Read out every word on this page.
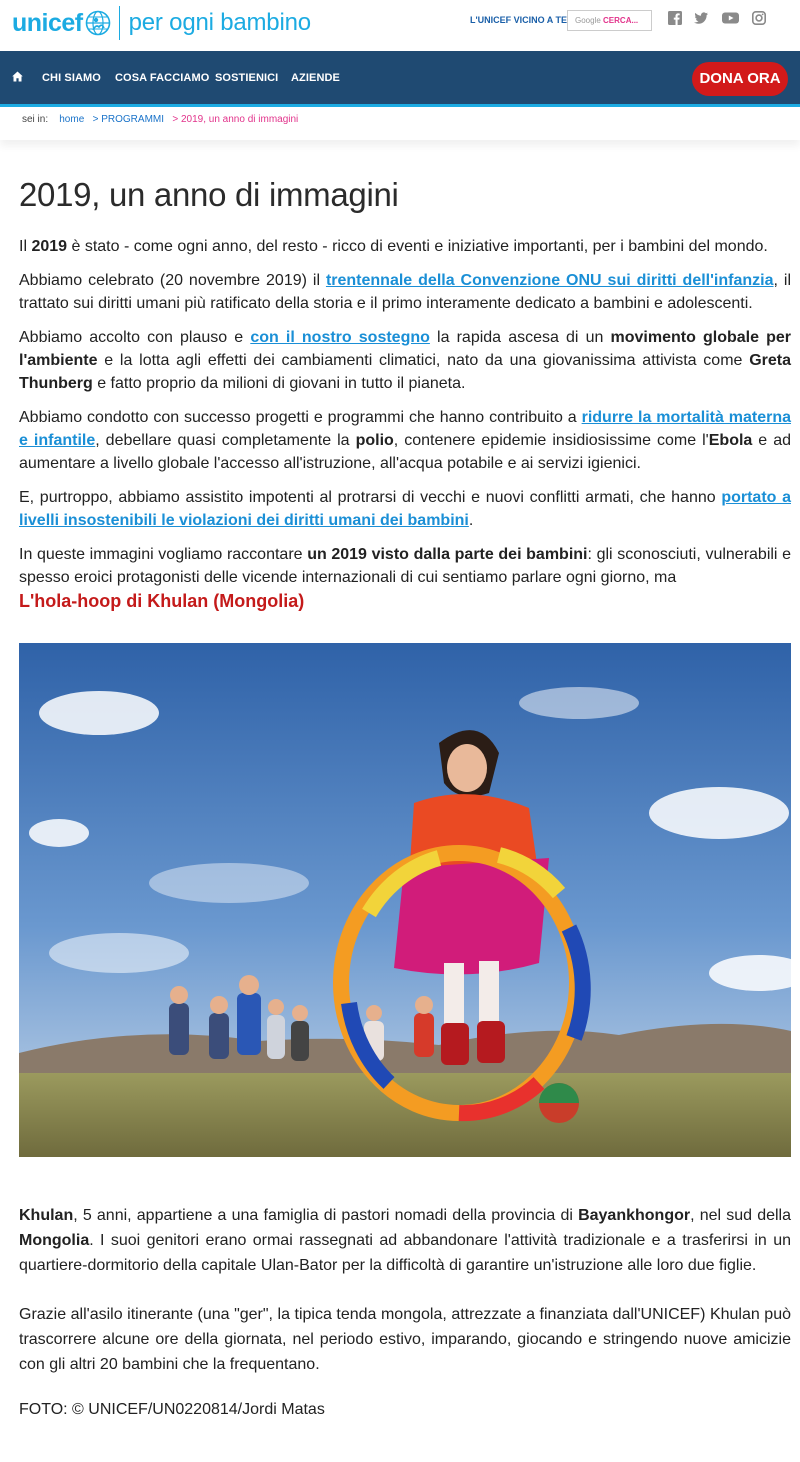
unicef per ogni bambino	L'UNICEF VICINO A TE	Google CERCA...
CHI SIAMO COSA FACCIAMO SOSTIENICI AZIENDE	DONA ORA
sei in: home > PROGRAMMI > 2019, un anno di immagini
2019, un anno di immagini

Il 2019 è stato - come ogni anno, del resto - ricco di eventi e iniziative importanti, per i bambini del mondo.

Abbiamo celebrato (20 novembre 2019) il trentennale della Convenzione ONU sui diritti dell'infanzia, il trattato sui diritti umani più ratificato della storia e il primo interamente dedicato a bambini e adolescenti.

Abbiamo accolto con plauso e con il nostro sostegno la rapida ascesa di un movimento globale per l'ambiente e la lotta agli effetti dei cambiamenti climatici, nato da una giovanissima attivista come Greta Thunberg e fatto proprio da milioni di giovani in tutto il pianeta.

Abbiamo condotto con successo progetti e programmi che hanno contribuito a ridurre la mortalità materna e infantile, debellare quasi completamente la polio, contenere epidemie insidiosissime come l'Ebola e ad aumentare a livello globale l'accesso all'istruzione, all'acqua potabile e ai servizi igienici.

E, purtroppo, abbiamo assistito impotenti al protrarsi di vecchi e nuovi conflitti armati, che hanno portato a livelli insostenibili le violazioni dei diritti umani dei bambini.

In queste immagini vogliamo raccontare un 2019 visto dalla parte dei bambini: gli sconosciuti, vulnerabili e spesso eroici protagonisti delle vicende internazionali di cui sentiamo parlare ogni giorno, ma

L'hola-hoop di Khulan (Mongolia)

Khulan, 5 anni, appartiene a una famiglia di pastori nomadi della provincia di Bayankhongor, nel sud della Mongolia. I suoi genitori erano ormai rassegnati ad abbandonare l'attività tradizionale e a trasferirsi in un quartiere-dormitorio della capitale Ulan-Bator per la difficoltà di garantire un'istruzione alle loro due figlie.

Grazie all'asilo itinerante (una "ger", la tipica tenda mongola, attrezzate a finanziata dall'UNICEF) Khulan può trascorrere alcune ore della giornata, nel periodo estivo, imparando, giocando e stringendo nuove amicizie con gli altri 20 bambini che la frequentano.

FOTO: © UNICEF/UN0220814/Jordi Matas
